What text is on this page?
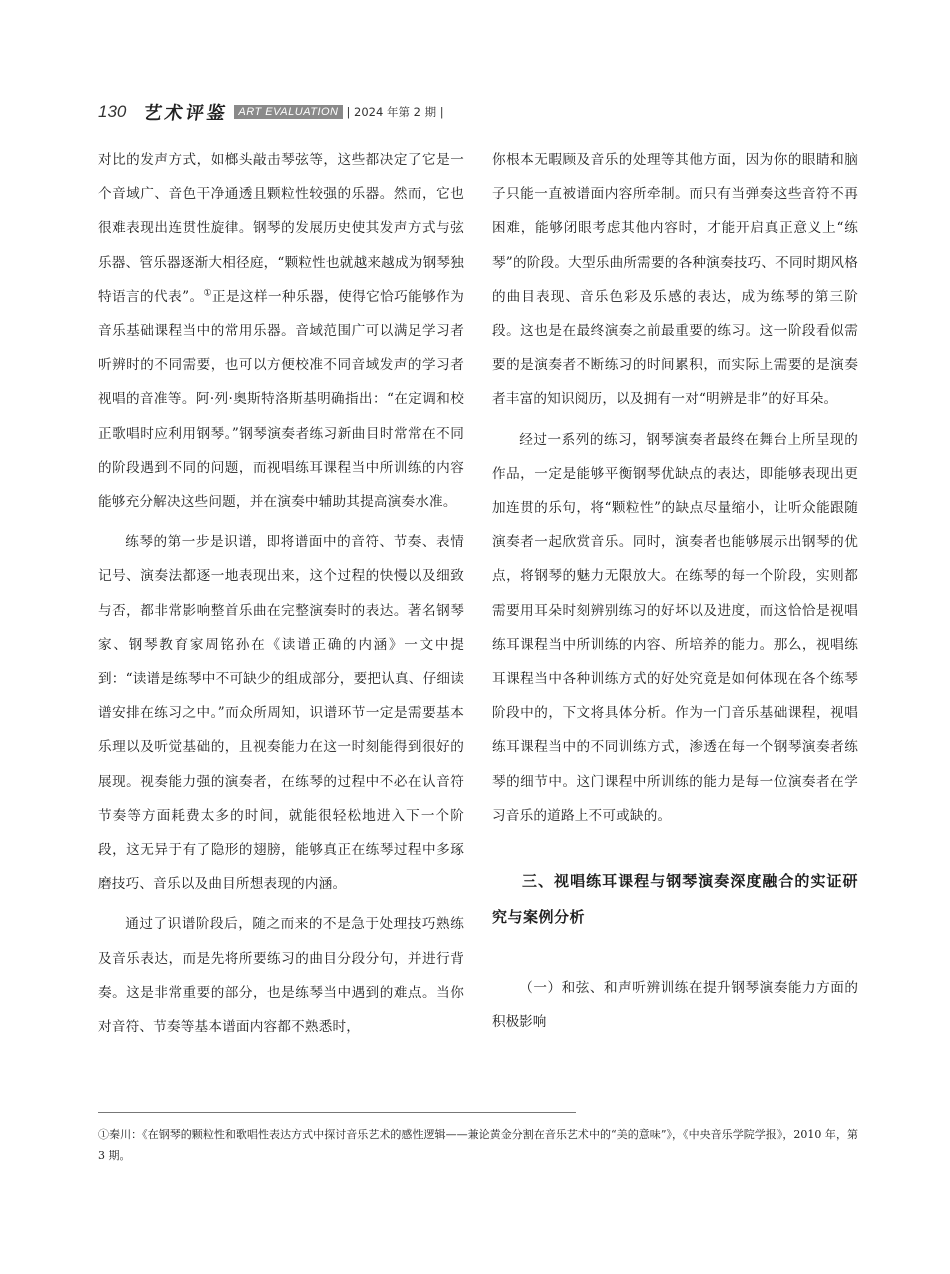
130 艺术评鉴 ART EVALUATION | 2024 年第 2 期 |

对比的发声方式，如榔头敲击琴弦等，这些都决定了它是一个音域广、音色干净通透且颗粒性较强的乐器。然而，它也很难表现出连贯性旋律。钢琴的发展历史使其发声方式与弦乐器、管乐器逐渐大相径庭，“颗粒性也就越来越成为钢琴独特语言的代表”。①正是这样一种乐器，使得它恰巧能够作为音乐基础课程当中的常用乐器。音域范围广可以满足学习者听辨时的不同需要，也可以方便校准不同音域发声的学习者视唱的音准等。阿·列·奥斯特洛斯基明确指出：“在定调和校正歌唱时应利用钢琴。”钢琴演奏者练习新曲目时常常在不同的阶段遇到不同的问题，而视唱练耳课程当中所训练的内容能够充分解决这些问题，并在演奏中辅助其提高演奏水准。

练琴的第一步是识谱，即将谱面中的音符、节奏、表情记号、演奏法都逐一地表现出来，这个过程的快慢以及细致与否，都非常影响整首乐曲在完整演奏时的表达。著名钢琴家、钢琴教育家周铭孙在《读谱正确的内涵》一文中提到：“读谱是练琴中不可缺少的组成部分，要把认真、仔细读谱安排在练习之中。”而众所周知，识谱环节一定是需要基本乐理以及听觉基础的，且视奏能力在这一时刻能得到很好的展现。视奏能力强的演奏者，在练琴的过程中不必在认音符节奏等方面耗费太多的时间，就能很轻松地进入下一个阶段，这无异于有了隐形的翅膀，能够真正在练琴过程中多琢磨技巧、音乐以及曲目所想表现的内涵。

通过了识谱阶段后，随之而来的不是急于处理技巧熟练及音乐表达，而是先将所要练习的曲目分段分句，并进行背奏。这是非常重要的部分，也是练琴当中遇到的难点。当你对音符、节奏等基本谱面内容都不熟悉时，

你根本无暇顾及音乐的处理等其他方面，因为你的眼睛和脑子只能一直被谱面内容所牵制。而只有当弹奏这些音符不再困难，能够闭眼考虑其他内容时，才能开启真正意义上“练琴”的阶段。大型乐曲所需要的各种演奏技巧、不同时期风格的曲目表现、音乐色彩及乐感的表达，成为练琴的第三阶段。这也是在最终演奏之前最重要的练习。这一阶段看似需要的是演奏者不断练习的时间累积，而实际上需要的是演奏者丰富的知识阅历，以及拥有一对“明辨是非”的好耳朵。

经过一系列的练习，钢琴演奏者最终在舞台上所呈现的作品，一定是能够平衡钢琴优缺点的表达，即能够表现出更加连贯的乐句，将“颗粒性”的缺点尽量缩小，让听众能跟随演奏者一起欣赏音乐。同时，演奏者也能够展示出钢琴的优点，将钢琴的魅力无限放大。在练琴的每一个阶段，实则都需要用耳朵时刻辨别练习的好坏以及进度，而这恰恰是视唱练耳课程当中所训练的内容、所培养的能力。那么，视唱练耳课程当中各种训练方式的好处究竟是如何体现在各个练琴阶段中的，下文将具体分析。作为一门音乐基础课程，视唱练耳课程当中的不同训练方式，渗透在每一个钢琴演奏者练琴的细节中。这门课程中所训练的能力是每一位演奏者在学习音乐的道路上不可或缺的。

三、视唱练耳课程与钢琴演奏深度融合的实证研究与案例分析
（一）和弦、和声听辨训练在提升钢琴演奏能力方面的积极影响

①秦川：《在钢琴的颗粒性和歌唱性表达方式中探讨音乐艺术的感性逻辑——兼论黄金分割在音乐艺术中的“美的意味”》，《中央音乐学院学报》，2010 年，第 3 期。
